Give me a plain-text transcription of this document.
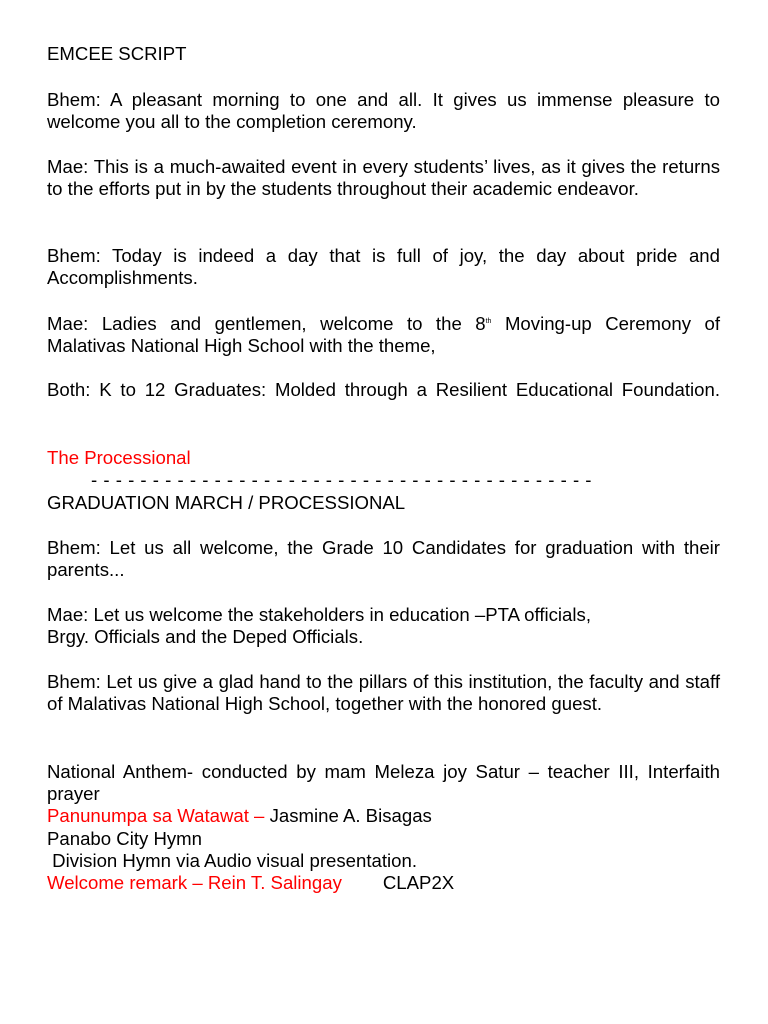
EMCEE SCRIPT

Bhem: A pleasant morning to one and all. It gives us immense pleasure to welcome you all to the completion ceremony.

Mae: This is a much-awaited event in every students’ lives, as it gives the returns to the efforts put in by the students throughout their academic endeavor.

Bhem: Today is indeed a day that is full of joy, the day about pride and Accomplishments.

Mae: Ladies and gentlemen, welcome to the 8th Moving-up Ceremony of Malativas National High School with the theme,

Both: K to 12 Graduates: Molded through a Resilient Educational Foundation.

The Processional
- - - - - - - - - - - - - - - - - - - - - - - - - - - - - - - - - - - - - - - - -
GRADUATION MARCH / PROCESSIONAL

Bhem: Let us all welcome, the Grade 10 Candidates for graduation with their parents...

Mae: Let us welcome the stakeholders in education –PTA officials,
Brgy. Officials and the Deped Officials.

Bhem: Let us give a glad hand to the pillars of this institution, the faculty and staff of Malativas National High School, together with the honored guest.

National Anthem- conducted by mam Meleza joy Satur – teacher III, Interfaith prayer
Panunumpa sa Watawat – Jasmine A. Bisagas
Panabo City Hymn
Division Hymn via Audio visual presentation.
Welcome remark – Rein T. Salingay CLAP2X
